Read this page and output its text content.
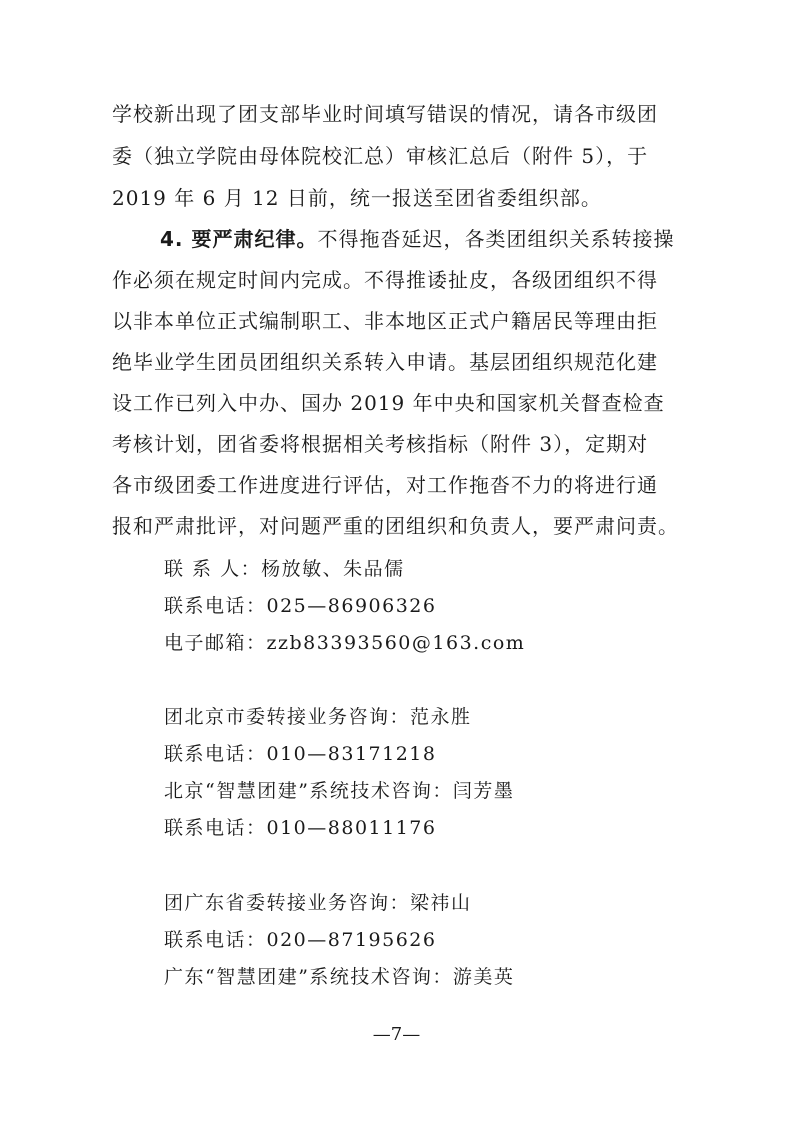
学校新出现了团支部毕业时间填写错误的情况，请各市级团
委（独立学院由母体院校汇总）审核汇总后（附件 5），于
2019 年 6 月 12 日前，统一报送至团省委组织部。
4. 要严肃纪律。不得拖沓延迟，各类团组织关系转接操
作必须在规定时间内完成。不得推诿扯皮，各级团组织不得
以非本单位正式编制职工、非本地区正式户籍居民等理由拒
绝毕业学生团员团组织关系转入申请。基层团组织规范化建
设工作已列入中办、国办 2019 年中央和国家机关督查检查
考核计划，团省委将根据相关考核指标（附件 3），定期对
各市级团委工作进度进行评估，对工作拖沓不力的将进行通
报和严肃批评，对问题严重的团组织和负责人，要严肃问责。
联 系 人：杨放敏、朱品儒
联系电话：025—86906326
电子邮箱：zzb83393560@163.com
团北京市委转接业务咨询：范永胜
联系电话：010—83171218
北京“智慧团建”系统技术咨询：闫芳墨
联系电话：010—88011176
团广东省委转接业务咨询：梁祎山
联系电话：020—87195626
广东“智慧团建”系统技术咨询：游美英
—7—
